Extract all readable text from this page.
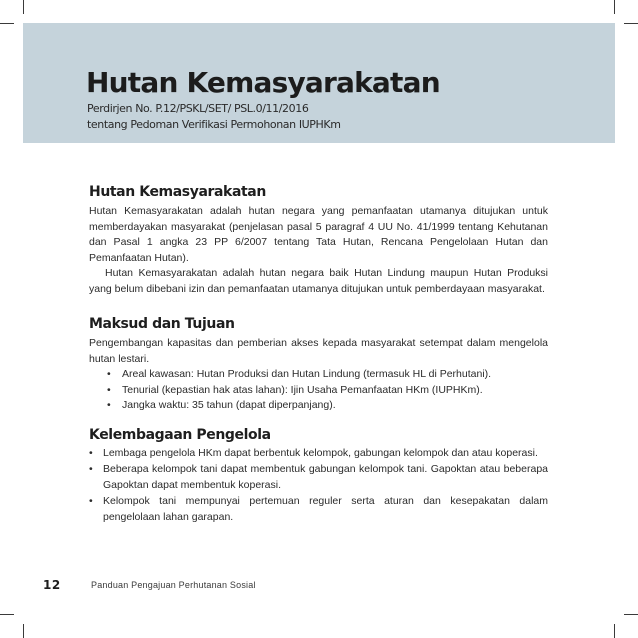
Hutan Kemasyarakatan
Perdirjen No. P.12/PSKL/SET/ PSL.0/11/2016
tentang Pedoman Verifikasi Permohonan IUPHKm
Hutan Kemasyarakatan

Hutan Kemasyarakatan adalah hutan negara yang pemanfaatan utamanya ditujukan untuk memberdayakan masyarakat (penjelasan pasal 5 paragraf 4 UU No. 41/1999 tentang Kehutanan dan Pasal 1 angka 23 PP 6/2007 tentang Tata Hutan, Rencana Pengelolaan Hutan dan Pemanfaatan Hutan).

Hutan Kemasyarakatan adalah hutan negara baik Hutan Lindung maupun Hutan Produksi yang belum dibebani izin dan pemanfaatan utamanya ditujukan untuk pemberdayaan masyarakat.

Maksud dan Tujuan

Pengembangan kapasitas dan pemberian akses kepada masyarakat setempat dalam mengelola hutan lestari.

• Areal kawasan: Hutan Produksi dan Hutan Lindung (termasuk HL di Perhutani).
• Tenurial (kepastian hak atas lahan): Ijin Usaha Pemanfaatan HKm (IUPHKm).
• Jangka waktu: 35 tahun (dapat diperpanjang).
Kelembagaan Pengelola
• Lembaga pengelola HKm dapat berbentuk kelompok, gabungan kelompok dan atau koperasi.
• Beberapa kelompok tani dapat membentuk gabungan kelompok tani. Gapoktan atau beberapa Gapoktan dapat membentuk koperasi.
• Kelompok tani mempunyai pertemuan reguler serta aturan dan kesepakatan dalam pengelolaan lahan garapan.
12	Panduan Pengajuan Perhutanan Sosial
